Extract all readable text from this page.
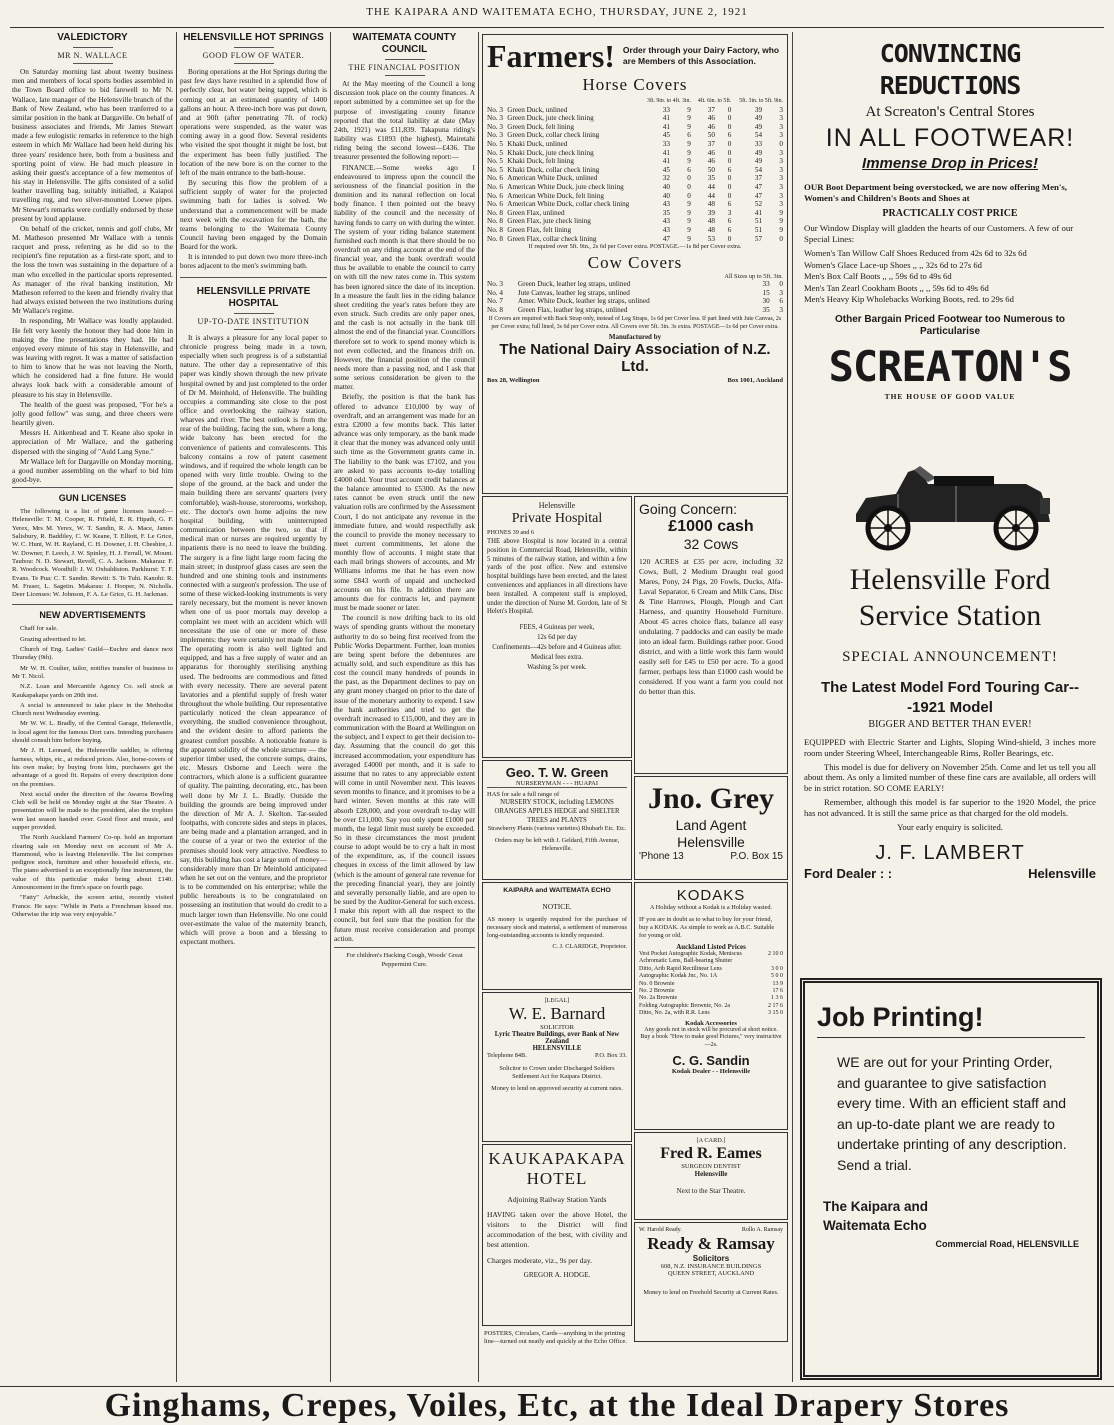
THE KAIPARA AND WAITEMATA ECHO, THURSDAY, JUNE 2, 1921
VALEDICTORY
MR N. WALLACE

On Saturday morning last about twenty business men and members of local sports bodies assembled in the Town Board office to bid farewell to Mr N. Wallace, late manager of the Helensville branch of the Bank of New Zealand, who has been tranferred to a similar position in the bank at Dargaville. On behalf of business associates and friends, Mr James Stewart made a few eulogistic remarks in reference to the high esteem in which Mr Wallace had been held during his three years' residence here, both from a business and sporting point of view. He had much pleasure in asking their guest's acceptance of a few mementos of his stay in Helensville. The gifts consisted of a solid leather travelling bag, suitably initialled, a Kaiapoi travelling rug, and two silver-mounted Loewe pipes. Mr Stewart's remarks were cordially endorsed by those present by loud applause.

On behalf of the cricket, tennis and golf clubs, Mr M. Matheson presented Mr Wallace with a tennis racquet and press, referring as he did so to the recipient's fine reputation as a first-rate sport, and to the loss the town was sustaining in the departure of a man who excelled in the particular sports represented. As manager of the rival banking institution, Mr Matheson referred to the keen and friendly rivalry that had always existed between the two institutions during Mr Wallace's regime.

In responding, Mr Wallace was loudly applauded. He felt very keenly the honour they had done him in making the fine presentations they had. He had enjoyed every minute of his stay in Helensville, and was leaving with regret. It was a matter of satisfaction to him to know that he was not leaving the North, which he considered had a fine future. He would always look back with a considerable amount of pleasure to his stay in Helensville.

The health of the guest was proposed, "For he's a jolly good fellow" was sung, and three cheers were heartily given.

Messrs H. Aitkenhead and T. Keane also spoke in appreciation of Mr Wallace, and the gathering dispersed with the singing of "Auld Lang Syne."

Mr Wallace left for Dargaville on Monday morning, a good number assembling on the wharf to bid him good-bye.

GUN LICENSES

The following is a list of game licenses issued:—Helensville: T. M. Cooper, R. Fifield, E. R. Hipath, G. F. Yerex, Mrs M. Yerex, W. T. Sandin, R. A. Mace, James Salisbury, R. Baddiley, C. W. Keane, T. Elliott, F. Le Grice, W. C. Hunt, W. H. Rayland, C. H. Downer, J. H. Cheshire, J. W. Downer, F. Leech, J. W. Spinley, H. J. Ferrall, W. Mount. Taubou: N. D. Stewart, Revell, C. A. Jackson. Makarau: F. R. Woodcock. Woodhill: J. W. Oxbaldiston. Parkhurst: T. F. Evans. Te Pua: C. T. Sandin. Rewiti: S. Te Tuhi. Kanohi: R. M. Fraser, L. Sagetin. Makarau: J. Hooper, N. Nicholls. Deer Licenses: W. Johnson, F. A. Le Grice, G. H. Jackman.

NEW ADVERTISEMENTS

Chaff for sale.

Grazing advertised to let.

Church of Eng. Ladies' Guild—Euchre and dance next Thursday (9th).

Mr W. H. Coulter, tailor, notifies transfer of business to Mr T. Nicol.

N.Z. Loan and Mercantile Agency Co. sell stock at Kaukapakapa yards on 20th inst.

A social is announced to take place in the Methodist Church next Wednesday evening.

Mr W. W. L. Bradly, of the Central Garage, Helensville, is local agent for the famous Dort cars. Intending purchasers should consult him before buying.

Mr J. H. Leonard, the Helensville saddler, is offering harness, whips, etc., at reduced prices. Also, horse-covers of his own make; by buying from him, purchasers get the advantage of a good fit. Repairs of every description done on the premises.

Next social under the direction of the Awaroa Bowling Club will be held on Monday night at the Star Theatre. A presentation will be made to the president, also the trophies won last season handed over. Good floor and music, and supper provided.

The North Auckland Farmers' Co-op. hold an important clearing sale on Monday next on account of Mr A. Hammond, who is leaving Helensville. The list comprises pedigree stock, furniture and other household effects, etc. The piano advertised is an exceptionally fine instrument, the value of this particular make being about £140. Announcement in the firm's space on fourth page.

"Fatty" Arbuckle, the screen artist, recently visited France. He says: "While in Paris a Frenchman kissed me. Otherwise the trip was very enjoyable."

HELENSVILLE HOT SPRINGS
GOOD FLOW OF WATER.

Boring operations at the Hot Springs during the past few days have resulted in a splendid flow of perfectly clear, hot water being tapped, which is coming out at an estimated quantity of 1400 gallons an hour. A three-inch bore was put down, and at 90ft (after penetrating 7ft. of rock) operations were suspended, as the water was coming away in a good flow. Several residents who visited the spot thought it might be lost, but the experiment has been fully justified. The location of the new bore is on the corner to the left of the main entrance to the bath-house.

By securing this flow the problem of a sufficient supply of water for the projected swimming bath for ladies is solved. We understand that a commencement will be made next week with the excavation for the bath, the teams belonging to the Waitemata County Council having been engaged by the Domain Board for the work.

It is intended to put down two more three-inch bores adjacent to the men's swimming bath.

HELENSVILLE PRIVATE HOSPITAL
UP-TO-DATE INSTITUTION

It is always a pleasure for any local paper to chronicle progress being made in a town, especially when such progress is of a substantial nature. The other day a representative of this paper was kindly shown through the new private hospital owned by and just completed to the order of Dr M. Meinhold, of Helensville. The building occupies a commanding site close to the post office and overlooking the railway station, wharves and river. The best outlook is from the rear of the building, facing the sun, where a long, wide balcony has been erected for the convenience of patients and convalescents. This balcony contains a row of patent casement windows, and if required the whole length can be opened with very little trouble. Owing to the slope of the ground, at the back and under the main building there are servants' quarters (very comfortable), wash-house, storerooms, workshop, etc. The doctor's own home adjoins the new hospital building, with uninterrupted communication between the two, so that if medical man or nurses are required urgently by inpatients there is no need to leave the building. The surgery is a fine light large room facing the main street; in dustproof glass cases are seen the hundred and one shining tools and instruments connected with a surgeon's profession. The use of some of these wicked-looking instruments is very rarely necessary, but the moment is never known when one of us poor mortals may develop a complaint we meet with an accident which will necessitate the use of one or more of these implements: they were certainly not made for fun. The operating room is also well lighted and equipped, and has a free supply of water and an apparatus for thoroughly sterilising anything used. The bedrooms are commodious and fitted with every necessity. There are several patent lavatories and a plentiful supply of fresh water throughout the whole building. Our representative particularly noticed the clean appearance of everything, the studied convenience throughout, and the evident desire to afford patients the greatest comfort possible. A noticeable feature is the apparent solidity of the whole structure — the superior timber used, the concrete sumps, drains, etc. Messrs Osborne and Leech were the contractors, which alone is a sufficient guarantee of quality. The painting, decorating, etc., has been well done by Mr J. L. Bradly. Outside the building the grounds are being improved under the direction of Mr A. J. Skelton. Tar-sealed footpaths, with concrete sides and steps in places, are being made and a plantation arranged, and in the course of a year or two the exterior of the premises should look very attractive. Needless to say, this building has cost a large sum of money—considerably more than Dr Meinhold anticipated when he set out on the venture, and the proprietor is to be commended on his enterprise; while the public hereabouts is to be congratulated on possessing an institution that would do credit to a much larger town than Helensville. No one could over-estimate the value of the maternity branch, which will prove a boon and a blessing to expectant mothers.

WAITEMATA COUNTY COUNCIL
THE FINANCIAL POSITION

At the May meeting of the Council a long discussion took place on the county finances. A report submitted by a committee set up for the purpose of investigating county finance reported that the total liability at date (May 24th, 1921) was £11,839. Takapuna riding's liability was £1893 (the highest), Mairetahi riding being the second lowest—£436. The treasurer presented the following report:—

FINANCE.—Some weeks ago I endeavoured to impress upon the council the seriousness of the financial position in the dominion and its natural reflection on local body finance. I then pointed out the heavy liability of the council and the necessity of having funds to carry on with during the winter. The system of your riding balance statement furnished each month is that there should be no overdraft on any riding account at the end of the financial year, and the bank overdraft would thus be available to enable the council to carry on with till the new rates come in. This system has been ignored since the date of its inception. In a measure the fault lies in the riding balance sheet crediting the year's rates before they are even struck. Such credits are only paper ones, and the cash is not actually in the bank till almost the end of the financial year. Councillors therefore set to work to spend money which is not even collected, and the finances drift on. However, the financial position of the council needs more than a passing nod, and I ask that some serious consideration be given to the matter.

Briefly, the position is that the bank has offered to advance £10,000 by way of overdraft, and an arrangement was made for an extra £2000 a few months back. This latter advance was only temporary, as the bank made it clear that the money was advanced only until such time as the Government grants came in. The liability to the bank was £7102, and you are asked to pass accounts to-day totalling £4000 odd. Your trust account credit balances at the balance amounted to £5300. As the new rates cannot be even struck until the new valuation rolls are confirmed by the Assessment Court, I do not anticipate any revenue in the immediate future, and would respectfully ask the council to provide the money necessary to meet current commitments, let alone the monthly flow of accounts. I might state that each mail brings showers of accounts, and Mr Williams informs me that he has even now some £843 worth of unpaid and unchecked accounts on his file. In addition there are amounts due for contracts let, and payment must be made sooner or later.

The council is now drifting back to its old ways of spending grants without the monetary authority to do so being first received from the Public Works Department. Further, loan monies are being spent before the debentures are actually sold, and such expenditure as this has cost the council many hundreds of pounds in the past, as the Department declines to pay on any grant money charged on prior to the date of issue of the monetary authority to expend. I saw the bank authorities and tried to get the overdraft increased to £15,000, and they are in communication with the Board at Wellington on the subject, and I expect to get their decision to-day. Assuming that the council do get this increased accommodation, your expenditure has averaged £4000 per month, and it is safe to assume that no rates to any appreciable extent will come in until November next. This leaves seven months to finance, and it promises to be a hard winter. Seven months at this rate will absorb £28,000, and your overdraft to-day will be over £11,000. Say you only spent £1000 per month, the legal limit must surely be exceeded. So in these circumstances the most prudent course to adopt would be to cry a halt in most of the expenditure, as, if the council issues cheques in excess of the limit allowed by law (which is the amount of general rate revenue for the preceding financial year), they are jointly and severally personally liable, and are open to be sued by the Auditor-General for such excess. I make this report with all due respect to the council, but feel sure that the position for the future must receive consideration and prompt action.

For children's Hacking Cough, Woods' Great Peppermint Cure.
Farmers! Order through your Dairy Factory, who are Members of this Association.
Horse Covers
		3ft. 9in. to 4ft. 3in.		4ft. 6in. to 5ft.		5ft. 3in. to 5ft. 9in.	
No. 3	Green Duck, unlined	33	9	37	0	39	3
No. 3	Green Duck, jute check lining	41	9	46	0	49	3
No. 3	Green Duck, felt lining	41	9	46	0	49	3
No. 3	Green Duck, collar check lining	45	6	50	6	54	3
No. 5	Khaki Duck, unlined	33	9	37	0	33	0
No. 5	Khaki Duck, jute check lining	41	9	46	0	49	3
No. 5	Khaki Duck, felt lining	41	9	46	0	49	3
No. 5	Khaki Duck, collar check lining	45	6	50	6	54	3
No. 6	American White Duck, unlined	32	0	35	0	37	3
No. 6	American White Duck, jute check lining	40	0	44	0	47	3
No. 6	American White Duck, felt lining	40	0	44	0	47	3
No. 6	American White Duck, collar check lining	43	9	48	6	52	3
No. 8	Green Flax, unlined	35	9	39	3	41	9
No. 8	Green Flax, jute check lining	43	9	48	6	51	9
No. 8	Green Flax, felt lining	43	9	48	6	51	9
No. 8	Green Flax, collar check lining	47	9	53	0	57	0
If required over 5ft. 9in., 2s 6d per Cover extra. POSTAGE.—1s 8d per Cover extra.
Cow Covers
All Sizes up to 5ft. 3in.
No. 3	Green Duck, leather leg straps, unlined	33	0
No. 4	Jute Canvas, leather leg straps, unlined	15	3
No. 7	Amer. White Duck, leather leg straps, unlined	30	6
No. 8	Green Flax, leather leg straps, unlined	35	3
If Covers are required with Back Strap only, instead of Leg Straps, 1s 6d per Cover less. If part lined with Jute Canvas, 2s per Cover extra; full lined, 3s 6d per Cover extra. All Covers over 5ft. 3in. 3s extra. POSTAGE—1s 6d per Cover extra.
Manufactured by
The National Dairy Association of N.Z. Ltd.
Box 28, Wellington	Box 1001, Auckland
Helensville
Private Hospital
PHONES 39 and 6

THE above Hospital is now located in a central position in Commercial Road, Helensville, within 5 minutes of the railway station, and within a few yards of the post office. New and extensive hospital buildings have been erected, and the latest conveniences and appliances in all directions have been installed. A competent staff is employed, under the direction of Nurse M. Gordon, late of St Helen's Hospital.

FEES, 4 Guineas per week,
12s 6d per day
Confinements—42s before and 4 Guineas after.
Medical fees extra.
Washing 5s per week.
Geo. T. W. Green
NURSERYMAN - - - HUAPAI
HAS for sale a full range of
NURSERY STOCK, including LEMONS ORANGES APPLES HEDGE and SHELTER TREES and PLANTS
Strawberry Plants (various varieties) Rhubarb Etc. Etc.
Orders may be left with J. Geldard, Fifth Avenue, Helensville.
KAIPARA and WAITEMATA ECHO
NOTICE.

AS money is urgently required for the purchase of necessary stock and material, a settlement of numerous long-outstanding accounts is kindly requested.

C. J. CLARIDGE, Proprietor.
[LEGAL]
W. E. Barnard
SOLICITOR
Lyric Theatre Buildings, over Bank of New Zealand
HELENSVILLE
Telephone 84B.	P.O. Box 33.

Solicitor to Crown under Discharged Soldiers Settlement Act for Kaipara District.

Money to lend on approved security at current rates.

KAUKAPAKAPA HOTEL
Adjoining Railway Station Yards

HAVING taken over the above Hotel, the visitors to the District will find accommodation of the best, with civility and best attention.

Charges moderate, viz., 9s per day.
GREGOR A. HODGE.
POSTERS, Circulars, Cards—anything in the printing line—turned out neatly and quickly at the Echo Office.
Going Concern:
£1000 cash
32 Cows

120 ACRES at £35 per acre, including 32 Cows, Bull, 2 Medium Draught real good Mares, Pony, 24 Pigs, 20 Fowls, Ducks, Alfa-Laval Separator, 6 Cream and Milk Cans, Disc & Tine Harrows, Plough, Plough and Cart Harness, and quantity Household Furniture. About 45 acres choice flats, balance all easy undulating. 7 paddocks and can easily be made into an ideal farm. Buildings rather poor. Good district, and with a little work this farm would easily sell for £45 to £50 per acre. To a good farmer, perhaps less than £1000 cash would be considered. If you want a farm you could not do better than this.

Jno. Grey
Land Agent
Helensville
'Phone 13	P.O. Box 15
KODAKS
A Holiday without a Kodak is a Holiday wasted.

IF you are in doubt as to what to buy for your friend, buy a KODAK. As simple to work as A.B.C. Suitable for young or old.

Auckland Listed Prices
Vest Pocket Autographic Kodak, Meniscus Achromatic Lens, Ball-bearing Shutter	2 10 0
Ditto, Arib Rapid Rectilinear Lens	3 0 0
Autographic Kodak Jnr., No. 1A	5 0 0
No. 0 Brownie	13 9
No. 2 Brownie	17 6
No. 2a Brownie	1 3 6
Folding Autographic Brownie, No. 2a	2 17 6
Ditto, No. 2a, with R.R. Lens	3 15 0
Kodak Accessories
Any goods not in stock will be procured at short notice.
Buy a book "How to make good Pictures," very instructive—2s.
C. G. Sandin
Kodak Dealer - - Helensville
[A CARD.]
Fred R. Eames
SURGEON DENTIST
Helensville
Next to the Star Theatre.
W. Harold Ready.	Rollo A. Ramsay
Ready & Ramsay
Solicitors
608, N.Z. INSURANCE BUILDINGS
QUEEN STREET, AUCKLAND
Money to lend on Freehold Security at Current Rates.
CONVINCING REDUCTIONS
At Screaton's Central Stores
IN ALL FOOTWEAR!
Immense Drop in Prices!

OUR Boot Department being overstocked, we are now offering Men's, Women's and Children's Boots and Shoes at

PRACTICALLY COST PRICE

Our Window Display will gladden the hearts of our Customers. A few of our Special Lines:

Women's Tan Willow Calf Shoes Reduced from 42s 6d to 32s 6d
Women's Glace Lace-up Shoes ,, ,, 32s 6d to 27s 6d
Men's Box Calf Boots ,, ,, 59s 6d to 49s 6d
Men's Tan Zearl Cookham Boots ,, ,, 59s 6d to 49s 6d
Men's Heavy Kip Wholebacks Working Boots, red. to 29s 6d
Other Bargain Priced Footwear too Numerous to Particularise
SCREATON'S
THE HOUSE OF GOOD VALUE
Helensville Ford
Service Station
SPECIAL ANNOUNCEMENT!
The Latest Model Ford Touring Car---1921 Model
BIGGER AND BETTER THAN EVER!

EQUIPPED with Electric Starter and Lights, Sloping Wind-shield, 3 inches more room under Steering Wheel, Interchangeable Rims, Roller Bearings, etc.

This model is due for delivery on November 25th. Come and let us tell you all about them. As only a limited number of these fine cars are available, all orders will be in strict rotation. SO COME EARLY!

Remember, although this model is far superior to the 1920 Model, the price has not advanced. It is still the same price as that charged for the old models.

Your early enquiry is solicited.
J. F. LAMBERT
Ford Dealer : :	Helensville
Job Printing!

WE are out for your Printing Order, and guarantee to give satisfaction every time. With an efficient staff and an up-to-date plant we are ready to undertake printing of any description. Send a trial.

The Kaipara and
Waitemata Echo
Commercial Road, HELENSVILLE
Ginghams, Crepes, Voiles, Etc, at the Ideal Drapery Stores
